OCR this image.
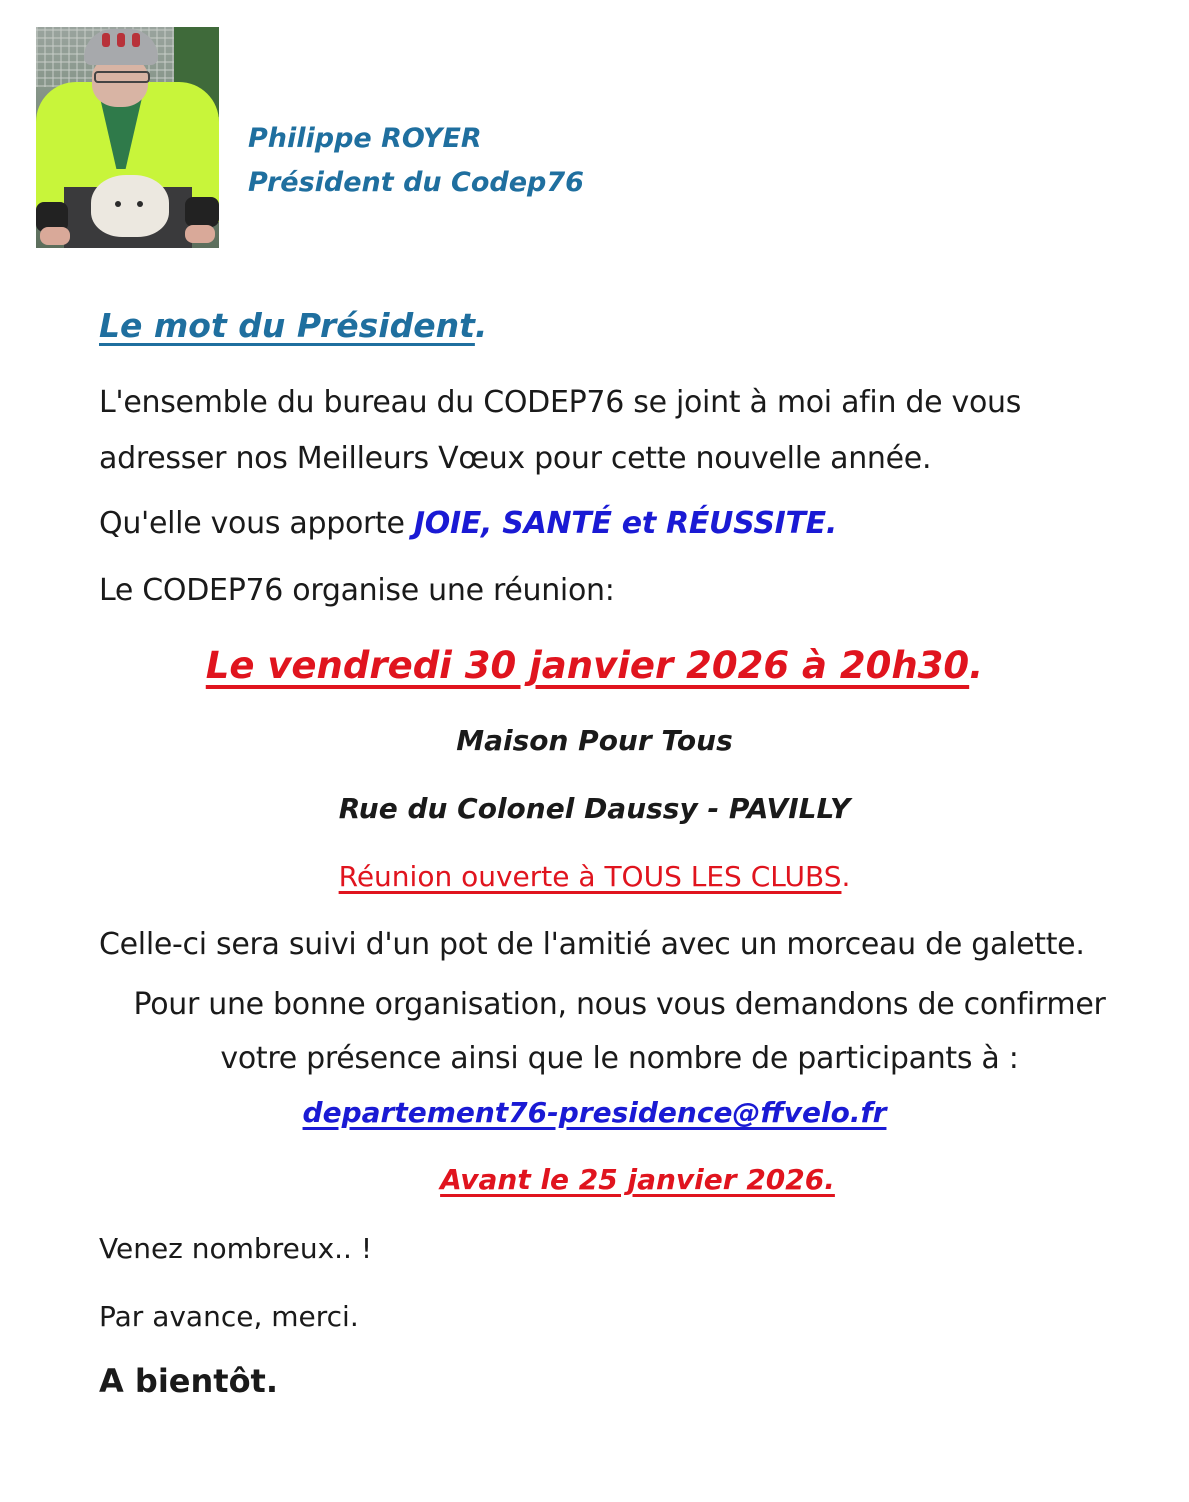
Philippe ROYER
Président du Codep76
Le mot du Président.
L'ensemble du bureau du CODEP76 se joint à moi afin de vous
adresser nos Meilleurs Vœux pour cette nouvelle année.
Qu'elle vous apporte JOIE, SANTÉ et RÉUSSITE.
Le CODEP76 organise une réunion:
Le vendredi 30 janvier 2026 à 20h30.
Maison Pour Tous
Rue du Colonel Daussy - PAVILLY
Réunion ouverte à TOUS LES CLUBS.
Celle-ci sera suivi d'un pot de l'amitié avec un morceau de galette.
Pour une bonne organisation, nous vous demandons de confirmer
votre présence ainsi que le nombre de participants à :
departement76-presidence@ffvelo.fr
Avant le 25 janvier 2026.
Venez nombreux.. !
Par avance, merci.
A bientôt.
